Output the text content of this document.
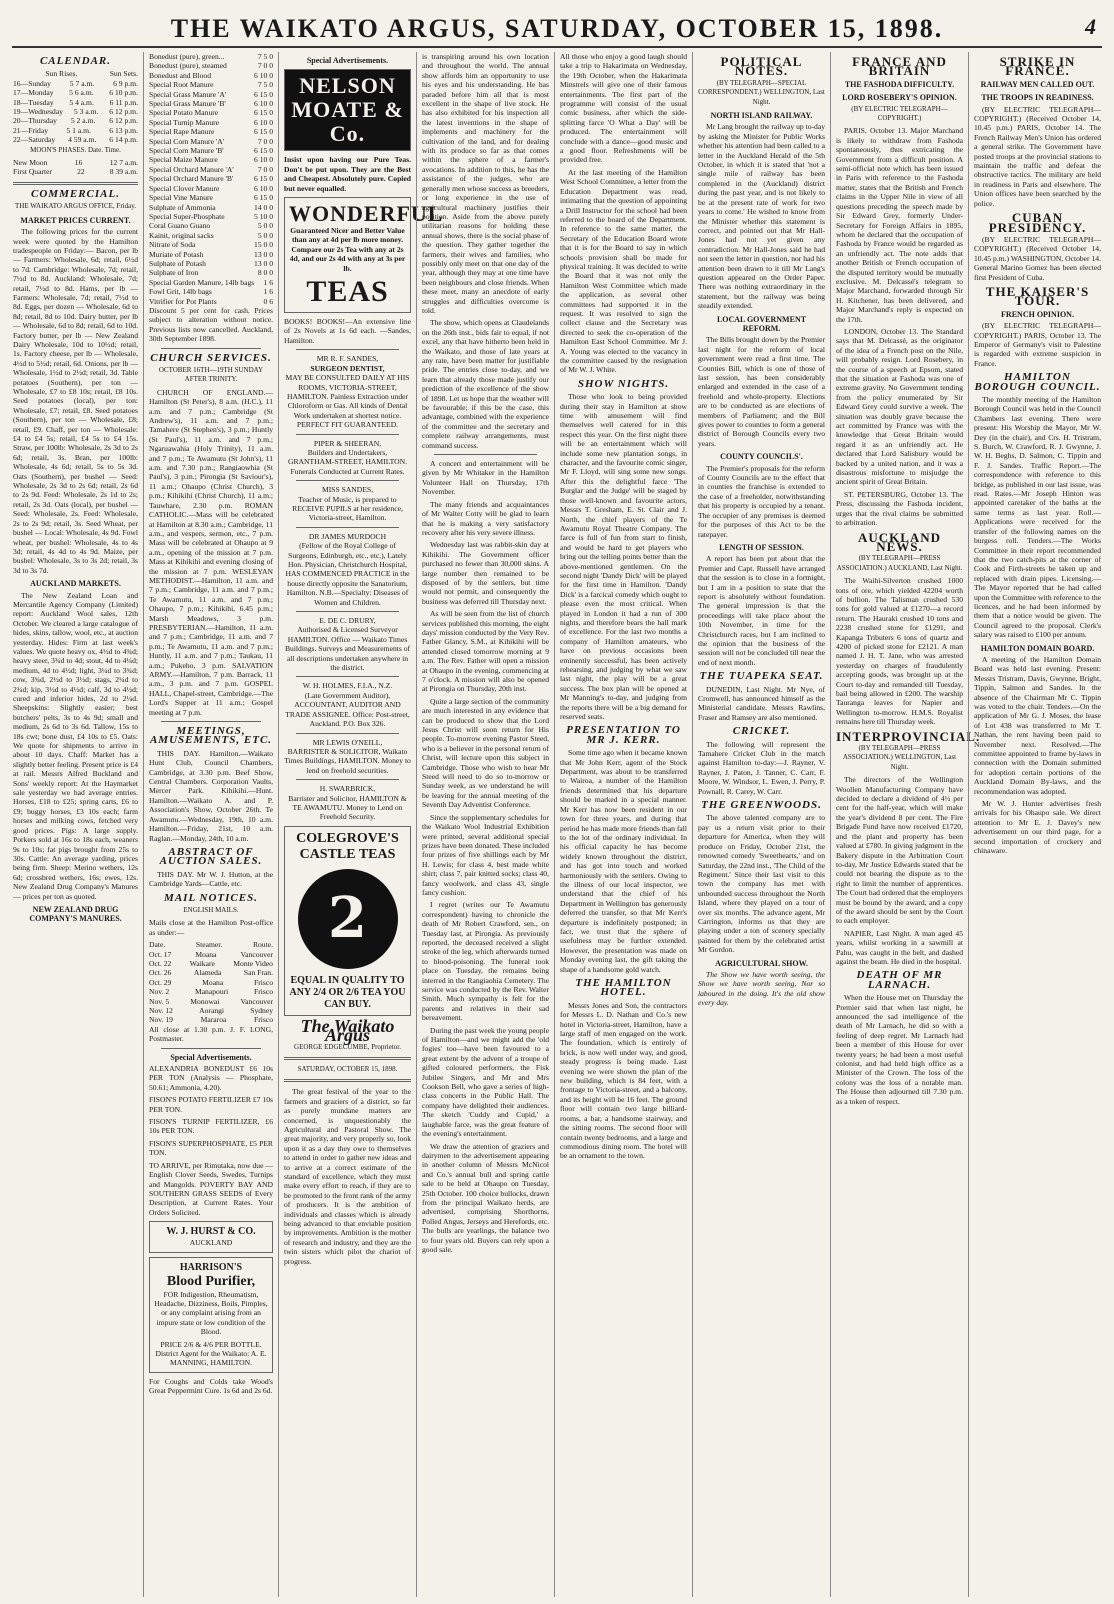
THE WAIKATO ARGUS, SATURDAY, OCTOBER 15, 1898.	4
CALENDAR.
Sun Rises.	Sun Sets.
16—Sunday 5 7 a.m. 6 9 p.m.
17—Monday 5 6 a.m. 6 10 p.m.
18—Tuesday 5 4 a.m. 6 11 p.m.
19—Wednesday 5 3 a.m. 6 12 p.m.
20—Thursday 5 2 a.m. 6 12 p.m.
21—Friday 5 1 a.m. 6 13 p.m.
22—Saturday 4 59 a.m. 6 14 p.m.
MOON'S PHASES. Date. Time.
New Moon	16	12 7 a.m.
First Quarter	22	8 39 a.m.
COMMERCIAL.
THE WAIKATO ARGUS OFFICE, Friday.
MARKET PRICES CURRENT.

The following prices for the current week were quoted by the Hamilton tradespeople on Friday:— Bacon, per lb — Farmers: Wholesale, 6d; retail, 6½d to 7d. Cambridge: Wholesale, 7d; retail, 7½d to 8d. Auckland: Wholesale, 7d; retail, 7½d to 8d. Hams, per lb — Farmers: Wholesale, 7d; retail, 7½d to 8d. Eggs, per dozen — Wholesale, 6d to 8d; retail, 8d to 10d. Dairy butter, per lb — Wholesale, 6d to 8d; retail, 6d to 10d. Factory butter, per lb — New Zealand Dairy Wholesale, 10d to 10½d; retail, 1s. Factory cheese, per lb — Wholesale, 4½d to 5½d; retail, 6d. Onions, per lb — Wholesale, 1½d to 2½d; retail, 3d. Table potatoes (Southern), per ton — Wholesale, £7 to £8 10s; retail, £8 10s. Seed potatoes (local), per ton: Wholesale, £7; retail, £8. Seed potatoes (Southern), per ton — Wholesale, £8; retail, £9. Chaff, per ton — Wholesale: £4 to £4 5s; retail, £4 5s to £4 15s. Straw, per 100lb: Wholesale, 2s 3d to 2s 6d; retail, 3s. Bran, per 100lb: Wholesale, 4s 6d; retail, 5s to 5s 3d. Oats (Southern), per bushel — Seed: Wholesale, 2s 3d to 2s 6d; retail, 2s 6d to 2s 9d. Feed: Wholesale, 2s 1d to 2s; retail, 2s 3d. Oats (local), per bushel — Seed: Wholesale, 2s. Feed: Wholesale, 2s to 2s 9d; retail, 3s. Seed Wheat, per bushel — Local: Wholesale, 4s 9d. Fowl wheat, per bushel: Wholesale, 4s to 4s 3d; retail, 4s 4d to 4s 9d. Maize, per bushel: Wholesale, 3s to 3s 2d; retail, 3s 3d to 3s 7d.

AUCKLAND MARKETS.

The New Zealand Loan and Mercantile Agency Company (Limited) report: Auckland Wool sales, 12th October. We cleared a large catalogue of hides, skins, tallow, wool, etc., at auction yesterday. Hides: Firm at last week's values. We quote heavy ox, 4½d to 4¾d; heavy steer, 3¾d to 4d; stout, 4d to 4¼d; medium, 4d to 4½d; light, 3¼d to 3¾d; cow, 3¾d, 2½d to 3½d; stags, 2¼d to 2¾d; kip, 3½d to 4½d; calf, 3d to 4½d; cured and inferior hides, 2d to 2¼d. Sheepskins: Slightly easier; best butchers' pelts, 3s to 4s 9d; small and medium, 2s 6d to 3s 6d. Tallow, 15s to 18s cwt; bone dust, £4 10s to £5. Oats: We quote for shipments to arrive in about 10 days. Chaff: Market has a slightly better feeling. Present price is £4 at rail. Messrs Alfred Buckland and Sons' weekly report: At the Haymarket sale yesterday we had average entries. Horses, £18 to £25; spring carts, £6 to £9; buggy horses, £3 10s each; farm horses and milking cows, fetched very good prices. Pigs: A large supply. Porkers sold at 16s to 18s each, weaners 9s to 10s; fat pigs brought from 25s to 30s. Cattle: An average yarding, prices being firm. Sheep: Merino wethers, 12s 6d; crossbred wethers, 16s; ewes, 12s. New Zealand Drug Company's Manures — prices per ton as quoted.

NEW ZEALAND DRUG COMPANY'S MANURES.
Bonedust (pure), green...	7 5 0
Bonedust (pure), steamed	7 0 0
Bonedust and Blood	6 10 0
Special Root Manure	7 5 0
Special Grass Manure 'A'	6 15 0
Special Grass Manure 'B'	6 10 0
Special Potato Manure	6 15 0
Special Turnip Manure	6 10 0
Special Rape Manure	6 15 0
Special Corn Manure 'A'	7 0 0
Special Corn Manure 'B'	6 15 0
Special Maize Manure	6 10 0
Special Orchard Manure 'A'	7 0 0
Special Orchard Manure 'B'	6 15 0
Special Clover Manure	6 10 0
Special Vine Manure	6 15 0
Sulphate of Ammonia	14 0 0
Special Super-Phosphate	5 10 0
Coral Guano Guano	5 0 0
Kainit, original sacks	5 0 0
Nitrate of Soda	15 0 0
Muriate of Potash	13 0 0
Sulphate of Potash	13 0 0
Sulphate of Iron	8 0 0
Special Garden Manure, 14lb bags 1 6
Fowl Grit, 14lb bags	1 6
Vitrifier for Pot Plants	0 6

Discount 5 per cent for cash. Prices subject to alteration without notice. Previous lists now cancelled. Auckland, 30th September 1898.

CHURCH SERVICES.
OCTOBER 16TH—19TH SUNDAY AFTER TRINITY.

CHURCH OF ENGLAND.—Hamilton (St Peter's), 8 a.m. (H.C.), 11 a.m. and 7 p.m.; Cambridge (St Andrew's), 11 a.m. and 7 p.m.; Tamahere (St Stephen's), 3 p.m.; Huntly (St Paul's), 11 a.m. and 7 p.m.; Ngaruawahia (Holy Trinity), 11 a.m. and 7 p.m.; Te Awamutu (St John's), 11 a.m. and 7.30 p.m.; Rangiaowhia (St Paul's), 3 p.m.; Pirongia (St Saviour's), 11 a.m.; Ohaupo (Christ Church), 3 p.m.; Kihikihi (Christ Church), 11 a.m.; Tauwhare, 2.30 p.m. ROMAN CATHOLIC.—Mass will be celebrated at Hamilton at 8.30 a.m.; Cambridge, 11 a.m., and vespers, sermon, etc., 7 p.m. Mass will be celebrated at Ohaupo at 9 a.m., opening of the mission at 7 p.m. Mass at Kihikihi and evening closing of the mission at 7 p.m. WESLEYAN METHODIST.—Hamilton, 11 a.m. and 7 p.m.; Cambridge, 11 a.m. and 7 p.m.; Te Awamutu, 11 a.m. and 7 p.m.; Ohaupo, 7 p.m.; Kihikihi, 6.45 p.m.; Marsh Meadows, 3 p.m. PRESBYTERIAN.—Hamilton, 11 a.m. and 7 p.m.; Cambridge, 11 a.m. and 7 p.m.; Te Awamutu, 11 a.m. and 7 p.m.; Huntly, 11 a.m. and 7 p.m.; Taukau, 11 a.m.; Pukeho, 3 p.m. SALVATION ARMY.—Hamilton, 7 p.m. Barrack, 11 a.m., 3 p.m. and 7 p.m. GOSPEL HALL, Chapel-street, Cambridge.—The Lord's Supper at 11 a.m.; Gospel meeting at 7 p.m.

MEETINGS, AMUSEMENTS, ETC.

THIS DAY. Hamilton.—Waikato Hunt Club, Council Chambers, Cambridge, at 3.30 p.m. Beef Show, Central Chambers. Corporation Vaults, Mercer Park. Kihikihi.—Hunt. Hamilton.—Waikato A. and P. Association's Show, October 26th. Te Awamutu.—Wednesday, 19th, 10 a.m. Hamilton.—Friday, 21st, 10 a.m. Raglan.—Monday, 24th, 10 a.m.

ABSTRACT OF AUCTION SALES.

THIS DAY. Mr W. J. Hutton, at the Cambridge Yards—Cattle, etc.

MAIL NOTICES.
ENGLISH MAILS.

Mails close at the Hamilton Post-office as under:—

Date.	Steamer.	Route.
Oct. 17	Moana	Vancouver
Oct. 22 Waikare Monte Video
Oct. 26	Alameda	San Fran.
Oct. 29	Moana	Frisco
Nov. 2	Manapouri	Frisco
Nov. 5	Monowai	Vancouver
Nov. 12	Aorangi	Sydney
Nov. 19	Mararoa	Frisco

All close at 1.30 p.m. J. F. LONG, Postmaster.

Special Advertisements.

ALEXANDRIA BONEDUST £6 10s PER TON (Analysis — Phosphate, 50.61; Ammonia, 4.20).

FISON'S POTATO FERTILIZER £7 10s PER TON.

FISON'S TURNIP FERTILIZER, £6 10s PER TON.

FISON'S SUPERPHOSPHATE, £5 PER TON.

TO ARRIVE, per Rimutaka, now due — English Clover Seeds, Swedes, Turnips and Mangolds. POVERTY BAY AND SOUTHERN GRASS SEEDS of Every Description, at Current Rates. Your Orders Solicited.

W. J. HURST & CO.
AUCKLAND
HARRISON'S
Blood Purifier,

FOR Indigestion, Rheumatism, Headache, Dizziness, Boils, Pimples, or any complaint arising from an impure state or low condition of the Blood.

PRICE 2/6 & 4/6 PER BOTTLE.
District Agent for the Waikato: A. E. MANNING, HAMILTON.

For Coughs and Colds take Wood's Great Peppermint Cure. 1s 6d and 2s 6d.

Special Advertisements.
NELSON MOATE & Co.

Insist upon having our Pure Teas. Don't be put upon. They are the Best and Cheapest. Absolutely pure. Copied but never equalled.

WONDERFUL

Guaranteed Nicer and Better Value than any at 4d per lb more money. Compare our 2s Tea with any at 2s 4d, and our 2s 4d with any at 3s per lb.

TEAS

BOOKS! BOOKS!—An extensive line of 2s Novels at 1s 6d each. —Sandes, Hamilton.

MR R. F. SANDES,
SURGEON DENTIST,

MAY BE CONSULTED DAILY AT HIS ROOMS, VICTORIA-STREET, HAMILTON. Painless Extraction under Chloroform or Gas. All kinds of Dental Work undertaken at shortest notice. PERFECT FIT GUARANTEED.

PIPER & SHEERAN,

Builders and Undertakers, GRANTHAM-STREET, HAMILTON. Funerals Conducted at Current Rates.

MISS SANDES,

Teacher of Music, is prepared to RECEIVE PUPILS at her residence, Victoria-street, Hamilton.

DR JAMES MURDOCH

(Fellow of the Royal College of Surgeons, Edinburgh, etc., etc.), Lately Hon. Physician, Christchurch Hospital, HAS COMMENCED PRACTICE in the house directly opposite the Sanatorium, Hamilton. N.B.—Specialty: Diseases of Women and Children.

E. DE C. DRURY,

Authorised & Licensed Surveyor HAMILTON. Office — Waikato Times Buildings. Surveys and Measurements of all descriptions undertaken anywhere in the district.

W. H. HOLMES, F.I.A., N.Z.

(Late Government Auditor), ACCOUNTANT, AUDITOR AND TRADE ASSIGNEE. Office: Post-street, Auckland. P.O. Box 326.

MR LEWIS O'NEILL,

BARRISTER & SOLICITOR, Waikato Times Buildings, HAMILTON. Money to lend on freehold securities.

H. SWARBRICK,

Barrister and Solicitor, HAMILTON & TE AWAMUTU. Money to Lend on Freehold Security.

COLEGROVE'S CASTLE TEAS
2
EQUAL IN QUALITY TO ANY 2/4 OR 2/6 TEA YOU CAN BUY.
The Waikato Argus
GEORGE EDGECUMBE, Proprietor.
SATURDAY, OCTOBER 15, 1898.

The great festival of the year to the farmers and graziers of a district, so far as purely mundane matters are concerned, is unquestionably the Agricultural and Pastoral Show. The great majority, and very properly so, look upon it as a day they owe to themselves to attend in order to gather new ideas and to arrive at a correct estimate of the standard of excellence, which they must make every effort to reach, if they are to be promoted to the front rank of the army of producers. It is the ambition of individuals and classes which is already being advanced to that enviable position by improvements. Ambition is the mother of research and industry, and they are the twin sisters which pilot the chariot of progress.

is transpiring around his own location and throughout the world. The annual show affords him an opportunity to use his eyes and his understanding. He has paraded before him all that is most excellent in the shape of live stock. He has also exhibited for his inspection all the latest inventions in the shape of implements and machinery for the cultivation of the land, and for dealing with its produce so far as that comes within the sphere of a farmer's avocations. In addition to this, he has the assistance of the judges, who are generally men whose success as breeders, or long experience in the use of agricultural machinery justifies their position. Aside from the above purely utilitarian reasons for holding these annual shows, there is the social phase of the question. They gather together the farmers, their wives and families, who possibly only meet on that one day of the year, although they may at one time have been neighbours and close friends. When these meet, many an anecdote of early struggles and difficulties overcome is told.

The show, which opens at Claudelands on the 26th inst., bids fair to equal, if not excel, any that have hitherto been held in the Waikato, and those of late years at any rate, have been matter for justifiable pride. The entries close to-day, and we learn that already those made justify our prediction of the excellence of the show of 1898. Let us hope that the weather will be favourable; if this be the case, this advantage, combined with the experience of the committee and the secretary and complete railway arrangements, must command success.

A concert and entertainment will be given by Mr Whitaker in the Hamilton Volunteer Hall on Thursday, 17th November.

The many friends and acquaintances of Mr Walter Cotty will be glad to learn that he is making a very satisfactory recovery after his very severe illness.

Wednesday last was rabbit-skin day at Kihikihi. The Government officer purchased no fewer than 30,000 skins. A large number then remained to be disposed of by the settlers, but time would not permit, and consequently the business was deferred till Thursday next.

As will be seen from the list of church services published this morning, the eight days' mission conducted by the Very Rev. Father Glancy, S.M., at Kihikihi will be attended closed tomorrow morning at 9 a.m. The Rev. Father will open a mission at Ohaupo in the evening, commencing at 7 o'clock. A mission will also be opened at Pirongia on Thursday, 20th inst.

Quite a large section of the community are much interested in any evidence that can be produced to show that the Lord Jesus Christ will soon return for His people. To-morrow evening Pastor Steed, who is a believer in the personal return of Christ, will lecture upon this subject in Cambridge. Those who wish to hear Mr Steed will need to do so to-morrow or Sunday week, as we understand he will be leaving for the annual meeting of the Seventh Day Adventist Conference.

Since the supplementary schedules for the Waikato Wool Industrial Exhibition were printed, several additional special prizes have been donated. These included four prizes of five shillings each by Mr H. Lewis; for class 4, best made white shirt; class 7, pair knitted socks; class 40, fancy woolwork, and class 43, single fancy cushion.

I regret (writes our Te Awamutu correspondent) having to chronicle the death of Mr Robert Crawford, sen., on Tuesday last, at Pirongia. As previously reported, the deceased received a slight stroke of the leg, which afterwards turned to blood-poisoning. The funeral took place on Tuesday, the remains being interred in the Rangiaohia Cemetery. The service was conducted by the Rev. Walter Smith. Much sympathy is felt for the parents and relatives in their sad bereavement.

During the past week the young people of Hamilton—and we might add the 'old fogies' too—have been favoured to a great extent by the advent of a troupe of gifted coloured performers, the Fisk Jubilee Singers, and Mr and Mrs Cookson Bell, who gave a series of high-class concerts in the Public Hall. The company have delighted their audiences. The sketch 'Cuddy and Cupid,' a laughable farce, was the great feature of the evening's entertainment.

We draw the attention of graziers and dairymen to the advertisement appearing in another column of Messrs McNicol and Co.'s annual bull and spring cattle sale to be held at Ohaupo on Tuesday, 25th October. 100 choice bullocks, drawn from the principal Waikato herds, are advertised, comprising Shorthorns, Polled Angus, Jerseys and Herefords, etc. The bulls are yearlings, the balance two to four years old. Buyers can rely upon a good sale.

All those who enjoy a good laugh should take a trip to Hakarimata on Wednesday, the 19th October, when the Hakarimata Minstrels will give one of their famous entertainments. The first part of the programme will consist of the usual comic business, after which the side-splitting farce 'O What a Day' will be produced. The entertainment will conclude with a dance—good music and a good floor. Refreshments will be provided free.

At the last meeting of the Hamilton West School Committee, a letter from the Education Department was read, intimating that the question of appointing a Drill Instructor for the school had been referred to the board of the Department. In reference to the same matter, the Secretary of the Education Board wrote that it is for the Board to say in which schools provision shall be made for physical training. It was decided to write the Board that it was not only the Hamilton West Committee which made the application, as several other committees had supported it in the request. It was resolved to sign the collect clause and the Secretary was directed to seek the co-operation of the Hamilton East School Committee. Mr J. A. Young was elected to the vacancy in the committee caused by the resignation of Mr W. J. White.

SHOW NIGHTS.

Those who look to being provided during their stay in Hamilton at show time with amusement will find themselves well catered for in this respect this year. On the first night there will be an entertainment which will include some new plantation songs, in character, and the favourite comic singer, Mr F. Lloyd, will sing some new songs. After this the delightful farce 'The Burglar and the Judge' will be staged by those well-known and favourite actors, Messrs T. Gresham, E. St. Clair and J. North, the chief players of the Te Awamutu Royal Theatre Company. The farce is full of fun from start to finish, and would be hard to get players who bring out the telling points better than the above-mentioned gentlemen. On the second night 'Dandy Dick' will be played for the first time in Hamilton. 'Dandy Dick' is a farcical comedy which ought to please even the most critical. When played in London it had a run of 300 nights, and therefore bears the hall mark of excellence. For the last two months a company of Hamilton amateurs, who have on previous occasions been eminently successful, has been actively rehearsing, and judging by what we saw last night, the play will be a great success. The box plan will be opened at Mr Manning's to-day, and judging from the reports there will be a big demand for reserved seats.

PRESENTATION TO MR J. KERR.

Some time ago when it became known that Mr John Kerr, agent of the Stock Department, was about to be transferred to Wairoa, a number of the Hamilton friends determined that his departure should be marked in a special manner. Mr Kerr has now been resident in our town for three years, and during that period he has made more friends than fall to the lot of the ordinary individual. In his official capacity he has become widely known throughout the district, and has got into touch and worked harmoniously with the settlers. Owing to the illness of our local inspector, we understand that the chief of his Department in Wellington has generously deferred the transfer, so that Mr Kerr's departure is indefinitely postponed; in fact, we trust that the sphere of usefulness may be further extended. However, the presentation was made on Monday evening last, the gift taking the shape of a handsome gold watch.

THE HAMILTON HOTEL.

Messrs Jones and Son, the contractors for Messrs L. D. Nathan and Co.'s new hotel in Victoria-street, Hamilton, have a large staff of men engaged on the work. The foundation, which is entirely of brick, is now well under way, and good, steady progress is being made. Last evening we were shown the plan of the new building, which is 84 feet, with a frontage to Victoria-street, and a balcony, and its height will be 16 feet. The ground floor will contain two large billiard-rooms, a bar, a handsome stairway, and the sitting rooms. The second floor will contain twenty bedrooms, and a large and commodious dining room. The hotel will be an ornament to the town.

POLITICAL NOTES.
(BY TELEGRAPH—SPECIAL CORRESPONDENT.) WELLINGTON, Last Night.
NORTH ISLAND RAILWAY.

Mr Lang brought the railway up to-day by asking the Minister for Public Works whether his attention had been called to a letter in the Auckland Herald of the 5th October, in which it is stated that 'not a single mile of railway has been completed in the (Auckland) district during the past year, and is not likely to be at the present rate of work for two years to come.' He wished to know from the Minister whether this statement is correct, and pointed out that Mr Hall-Jones had not yet given any contradiction. Mr Hall-Jones said he had not seen the letter in question, nor had his attention been drawn to it till Mr Lang's question appeared on the Order Paper. There was nothing extraordinary in the statement, but the railway was being steadily extended.

LOCAL GOVERNMENT REFORM.

The Bills brought down by the Premier last night for the reform of local government were read a first time. The Counties Bill, which is one of those of last session, has been considerably enlarged and extended in the case of a freehold and whole-property. Elections are to be conducted as are elections of members of Parliament; and the Bill gives power to counties to form a general district of Borough Councils every two years.

COUNTY COUNCILS'.

The Premier's proposals for the reform of County Councils are to the effect that in counties the franchise is extended to the case of a freeholder, notwithstanding that his property is occupied by a tenant. The occupier of any premises is deemed for the purposes of this Act to be the ratepayer.

LENGTH OF SESSION.

A report has been put about that the Premier and Capt. Russell have arranged that the session is to close in a fortnight, but I am in a position to state that the report is absolutely without foundation. The general impression is that the proceedings will take place about the 10th November, in time for the Christchurch races, but I am inclined to the opinion that the business of the session will not be concluded till near the end of next month.

THE TUAPEKA SEAT.

DUNEDIN, Last Night. Mr Nye, of Cromwell, has announced himself as the Ministerial candidate. Messrs Rawlins, Fraser and Ramsey are also mentioned.

CRICKET.

The following will represent the Tamahere Cricket Club in the match against Hamilton to-day:—J. Rayner, V. Rayner, J. Paton, J. Tanner, C. Carr, F. Moore, W. Windsor, L. Ewen, J. Perry, P. Pownall, R. Carey, W. Carr.

THE GREENWOODS.

The above talented company are to pay us a return visit prior to their departure for America, when they will produce on Friday, October 21st, the renowned comedy 'Sweethearts,' and on Saturday, the 22nd inst., 'The Child of the Regiment.' Since their last visit to this town the company has met with unbounded success throughout the North Island, where they played on a tour of over six months. The advance agent, Mr Carrington, informs us that they are playing under a ton of scenery specially painted for them by the celebrated artist Mr Gordon.

AGRICULTURAL SHOW.

The Show we have worth seeing, the Show we have worth seeing, Nor so laboured in the doing. It's the old show every day.

FRANCE AND BRITAIN
THE FASHODA DIFFICULTY.
LORD ROSEBERY'S OPINION.
(BY ELECTRIC TELEGRAPH—COPYRIGHT.)

PARIS, October 13. Major Marchand is likely to withdraw from Fashoda spontaneously, thus extricating the Government from a difficult position. A semi-official note which has been issued in Paris with reference to the Fashoda matter, states that the British and French claims in the Upper Nile in view of all questions preceding the speech made by Sir Edward Grey, formerly Under-Secretary for Foreign Affairs in 1895, whom he declared that the occupation of Fashoda by France would be regarded as an unfriendly act. The note adds that another British or French occupation of the disputed territory would be mutually exclusive. M. Delcassé's telegram to Major Marchand, forwarded through Sir H. Kitchener, has been delivered, and Major Marchand's reply is expected on the 17th.

LONDON, October 13. The Standard says that M. Delcassé, as the originator of the idea of a French post on the Nile, will probably resign. Lord Rosebery, in the course of a speech at Epsom, stated that the situation at Fashoda was one of extreme gravity. No Government tending from the policy enumerated by Sir Edward Grey could survive a week. The situation was doubly grave because the act committed by France was with the knowledge that Great Britain would regard it as an unfriendly act. He declared that Lord Salisbury would be backed by a united nation, and it was a disastrous misfortune to misjudge the ancient spirit of Great Britain.

ST. PETERSBURG, October 13. The Press, discussing the Fashoda incident, urges that the rival claims be submitted to arbitration.

AUCKLAND NEWS.
(BY TELEGRAPH—PRESS ASSOCIATION.) AUCKLAND, Last Night.

The Waihi-Silverton crushed 1000 tons of ore, which yielded 42204 worth of bullion. The Talisman crushed 530 tons for gold valued at £1270—a record return. The Hauraki crushed 10 tons and 2238 crushed stone for £1291, and Kapanga Tributers 6 tons of quartz and 4200 of picked stone for £2121. A man named J. H. T. Jane, who was arrested yesterday on charges of fraudulently accepting goods, was brought up at the Court to-day and remanded till Tuesday, bail being allowed in £200. The warship Tauranga leaves for Napier and Wellington to-morrow. H.M.S. Royalist remains here till Thursday week.

INTERPROVINCIAL.
(BY TELEGRAPH—PRESS ASSOCIATION.) WELLINGTON, Last Night.

The directors of the Wellington Woollen Manufacturing Company have decided to declare a dividend of 4½ per cent for the half-year, which will make the year's dividend 8 per cent. The Fire Brigade Fund have now received £1720, and the plant and property has been valued at £780. In giving judgment in the Bakery dispute in the Arbitration Court to-day, Mr Justice Edwards stated that he could not bearing the dispute as to the right to limit the number of apprentices. The Court had ordered that the employers must be bound by the award, and a copy of the award should be sent by the Court to each employer.

NAPIER, Last Night. A man aged 45 years, whilst working in a sawmill at Pahu, was caught in the belt, and dashed against the beam. He died in the hospital.

DEATH OF MR LARNACH.

When the House met on Thursday the Premier said that when last night, he announced the sad intelligence of the death of Mr Larnach, he did so with a feeling of deep regret. Mr Larnach had been a member of this House for over twenty years; he had been a most useful colonist, and had held high office as a Minister of the Crown. The loss of the colony was the loss of a notable man. The House then adjourned till 7.30 p.m. as a token of respect.

STRIKE IN FRANCE.
RAILWAY MEN CALLED OUT.
THE TROOPS IN READINESS.

(BY ELECTRIC TELEGRAPH—COPYRIGHT.) (Received October 14, 10.45 p.m.) PARIS, October 14. The French Railway Men's Union has ordered a general strike. The Government have posted troops at the provincial stations to maintain the traffic and defeat the obstructive tactics. The military are held in readiness in Paris and elsewhere. The Union offices have been searched by the police.

CUBAN PRESIDENCY.

(BY ELECTRIC TELEGRAPH—COPYRIGHT.) (Received October 14, 10.45 p.m.) WASHINGTON, October 14. General Marino Gomez has been elected first President of Cuba.

THE KAISER'S TOUR.
FRENCH OPINION.

(BY ELECTRIC TELEGRAPH—COPYRIGHT.) PARIS, October 13. The Emperor of Germany's visit to Palestine is regarded with extreme suspicion in France.

HAMILTON BOROUGH COUNCIL.

The monthly meeting of the Hamilton Borough Council was held in the Council Chambers last evening. There were present: His Worship the Mayor, Mr W. Dey (in the chair), and Crs. H. Tristram, S. Burch, W. Crawford, R. J. Gwynne, J. W. H. Beghs, D. Salmon, C. Tippin and F. J. Sandes. Traffic Report.—The correspondence with reference to this bridge, as published in our last issue, was read. Rates.—Mr Joseph Hinton was appointed caretaker of the baths at the same terms as last year. Roll.—Applications were received for the transfer of the following names on the burgess roll. Tenders.—The Works Committee in their report recommended that the two catch-pits at the corner of Cook and Firth-streets be taken up and replaced with drain pipes. Licensing.—The Mayor reported that he had called upon the Committee with reference to the licences, and he had been informed by them that a notice would be given. The Council agreed to the proposal. Clerk's salary was raised to £100 per annum.

HAMILTON DOMAIN BOARD.

A meeting of the Hamilton Domain Board was held last evening. Present: Messrs Tristram, Davis, Gwynne, Bright, Tippin, Salmon and Sandes. In the absence of the Chairman Mr C. Tippin was voted to the chair. Tenders.—On the application of Mr G. J. Moses, the lease of Lot 438 was transferred to Mr T. Nathan, the rent having been paid to November next. Resolved.—The committee appointed to frame by-laws in connection with the Domain submitted for adoption certain portions of the Auckland Domain By-laws, and the recommendation was adopted.

Mr W. J. Hunter advertises fresh arrivals for his Ohaupo sale. We direct attention to Mr E. J. Davey's new advertisement on our third page, for a second importation of crockery and chinaware.
